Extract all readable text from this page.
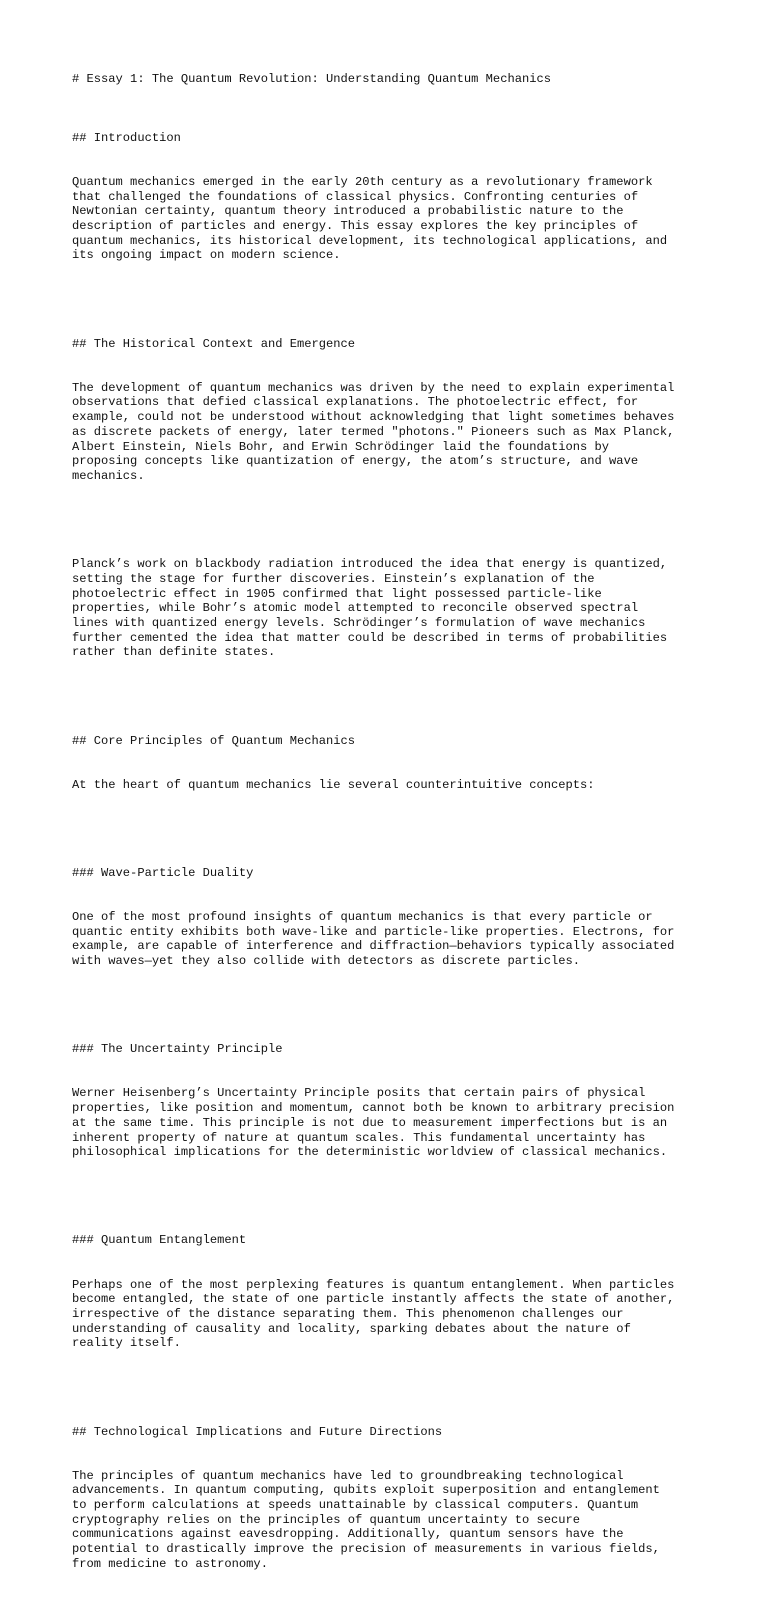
# Essay 1: The Quantum Revolution: Understanding Quantum Mechanics

## Introduction

Quantum mechanics emerged in the early 20th century as a revolutionary framework
that challenged the foundations of classical physics. Confronting centuries of
Newtonian certainty, quantum theory introduced a probabilistic nature to the
description of particles and energy. This essay explores the key principles of
quantum mechanics, its historical development, its technological applications, and
its ongoing impact on modern science.

## The Historical Context and Emergence

The development of quantum mechanics was driven by the need to explain experimental
observations that defied classical explanations. The photoelectric effect, for
example, could not be understood without acknowledging that light sometimes behaves
as discrete packets of energy, later termed "photons." Pioneers such as Max Planck,
Albert Einstein, Niels Bohr, and Erwin Schrödinger laid the foundations by
proposing concepts like quantization of energy, the atom’s structure, and wave
mechanics.

Planck’s work on blackbody radiation introduced the idea that energy is quantized,
setting the stage for further discoveries. Einstein’s explanation of the
photoelectric effect in 1905 confirmed that light possessed particle-like
properties, while Bohr’s atomic model attempted to reconcile observed spectral
lines with quantized energy levels. Schrödinger’s formulation of wave mechanics
further cemented the idea that matter could be described in terms of probabilities
rather than definite states.

## Core Principles of Quantum Mechanics

At the heart of quantum mechanics lie several counterintuitive concepts:

### Wave-Particle Duality

One of the most profound insights of quantum mechanics is that every particle or
quantic entity exhibits both wave-like and particle-like properties. Electrons, for
example, are capable of interference and diffraction—behaviors typically associated
with waves—yet they also collide with detectors as discrete particles.

### The Uncertainty Principle

Werner Heisenberg’s Uncertainty Principle posits that certain pairs of physical
properties, like position and momentum, cannot both be known to arbitrary precision
at the same time. This principle is not due to measurement imperfections but is an
inherent property of nature at quantum scales. This fundamental uncertainty has
philosophical implications for the deterministic worldview of classical mechanics.

### Quantum Entanglement

Perhaps one of the most perplexing features is quantum entanglement. When particles
become entangled, the state of one particle instantly affects the state of another,
irrespective of the distance separating them. This phenomenon challenges our
understanding of causality and locality, sparking debates about the nature of
reality itself.

## Technological Implications and Future Directions

The principles of quantum mechanics have led to groundbreaking technological
advancements. In quantum computing, qubits exploit superposition and entanglement
to perform calculations at speeds unattainable by classical computers. Quantum
cryptography relies on the principles of quantum uncertainty to secure
communications against eavesdropping. Additionally, quantum sensors have the
potential to drastically improve the precision of measurements in various fields,
from medicine to astronomy.
